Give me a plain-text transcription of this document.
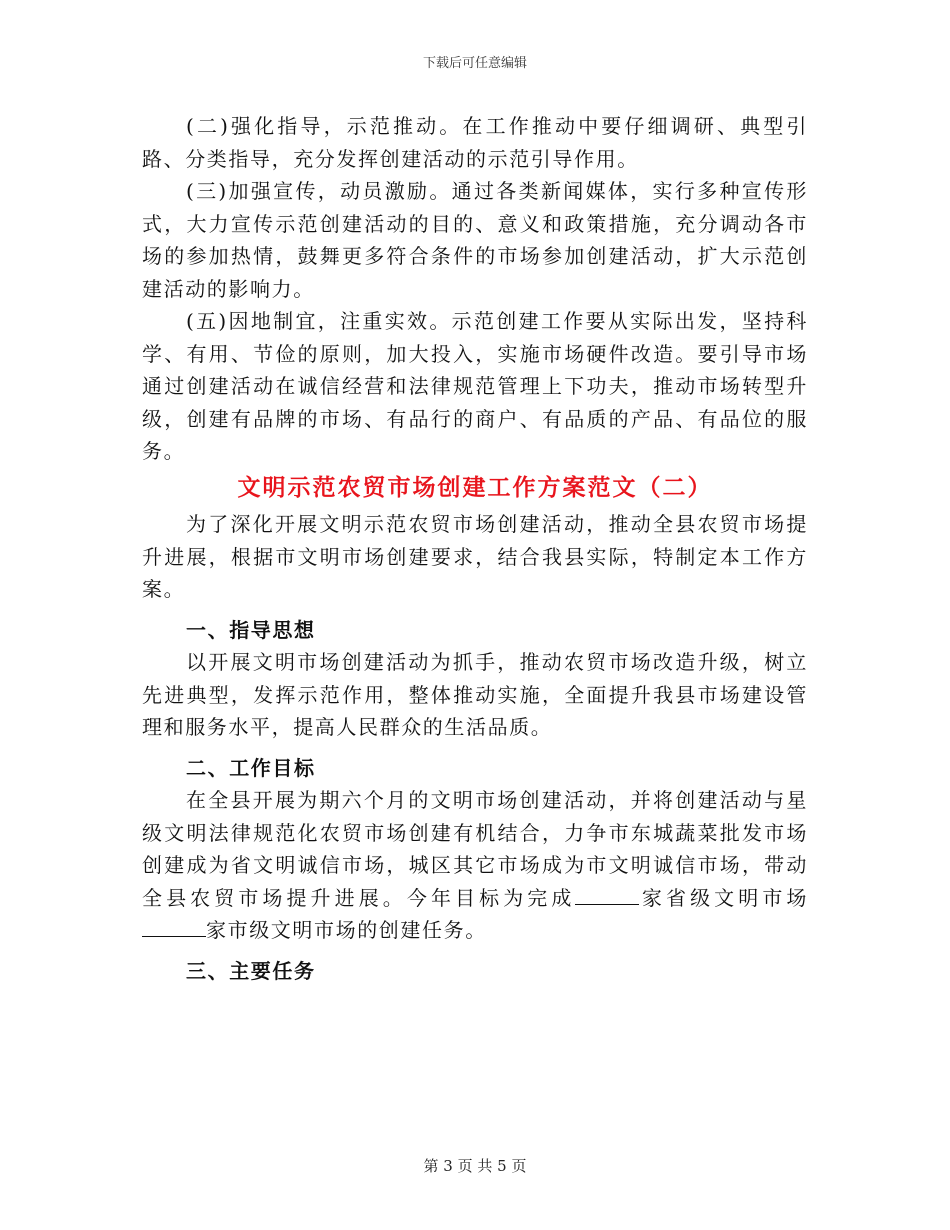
下载后可任意编辑

(二)强化指导，示范推动。在工作推动中要仔细调研、典型引路、分类指导，充分发挥创建活动的示范引导作用。

(三)加强宣传，动员激励。通过各类新闻媒体，实行多种宣传形式，大力宣传示范创建活动的目的、意义和政策措施，充分调动各市场的参加热情，鼓舞更多符合条件的市场参加创建活动，扩大示范创建活动的影响力。

(五)因地制宜，注重实效。示范创建工作要从实际出发，坚持科学、有用、节俭的原则，加大投入，实施市场硬件改造。要引导市场通过创建活动在诚信经营和法律规范管理上下功夫，推动市场转型升级，创建有品牌的市场、有品行的商户、有品质的产品、有品位的服务。

文明示范农贸市场创建工作方案范文（二）

为了深化开展文明示范农贸市场创建活动，推动全县农贸市场提升进展，根据市文明市场创建要求，结合我县实际，特制定本工作方案。

一、指导思想

以开展文明市场创建活动为抓手，推动农贸市场改造升级，树立先进典型，发挥示范作用，整体推动实施，全面提升我县市场建设管理和服务水平，提高人民群众的生活品质。

二、工作目标

在全县开展为期六个月的文明市场创建活动，并将创建活动与星级文明法律规范化农贸市场创建有机结合，力争市东城蔬菜批发市场创建成为省文明诚信市场，城区其它市场成为市文明诚信市场，带动全县农贸市场提升进展。今年目标为完成	家省级文明市场家市级文明市场的创建任务。

三、主要任务
第 3 页 共 5 页
